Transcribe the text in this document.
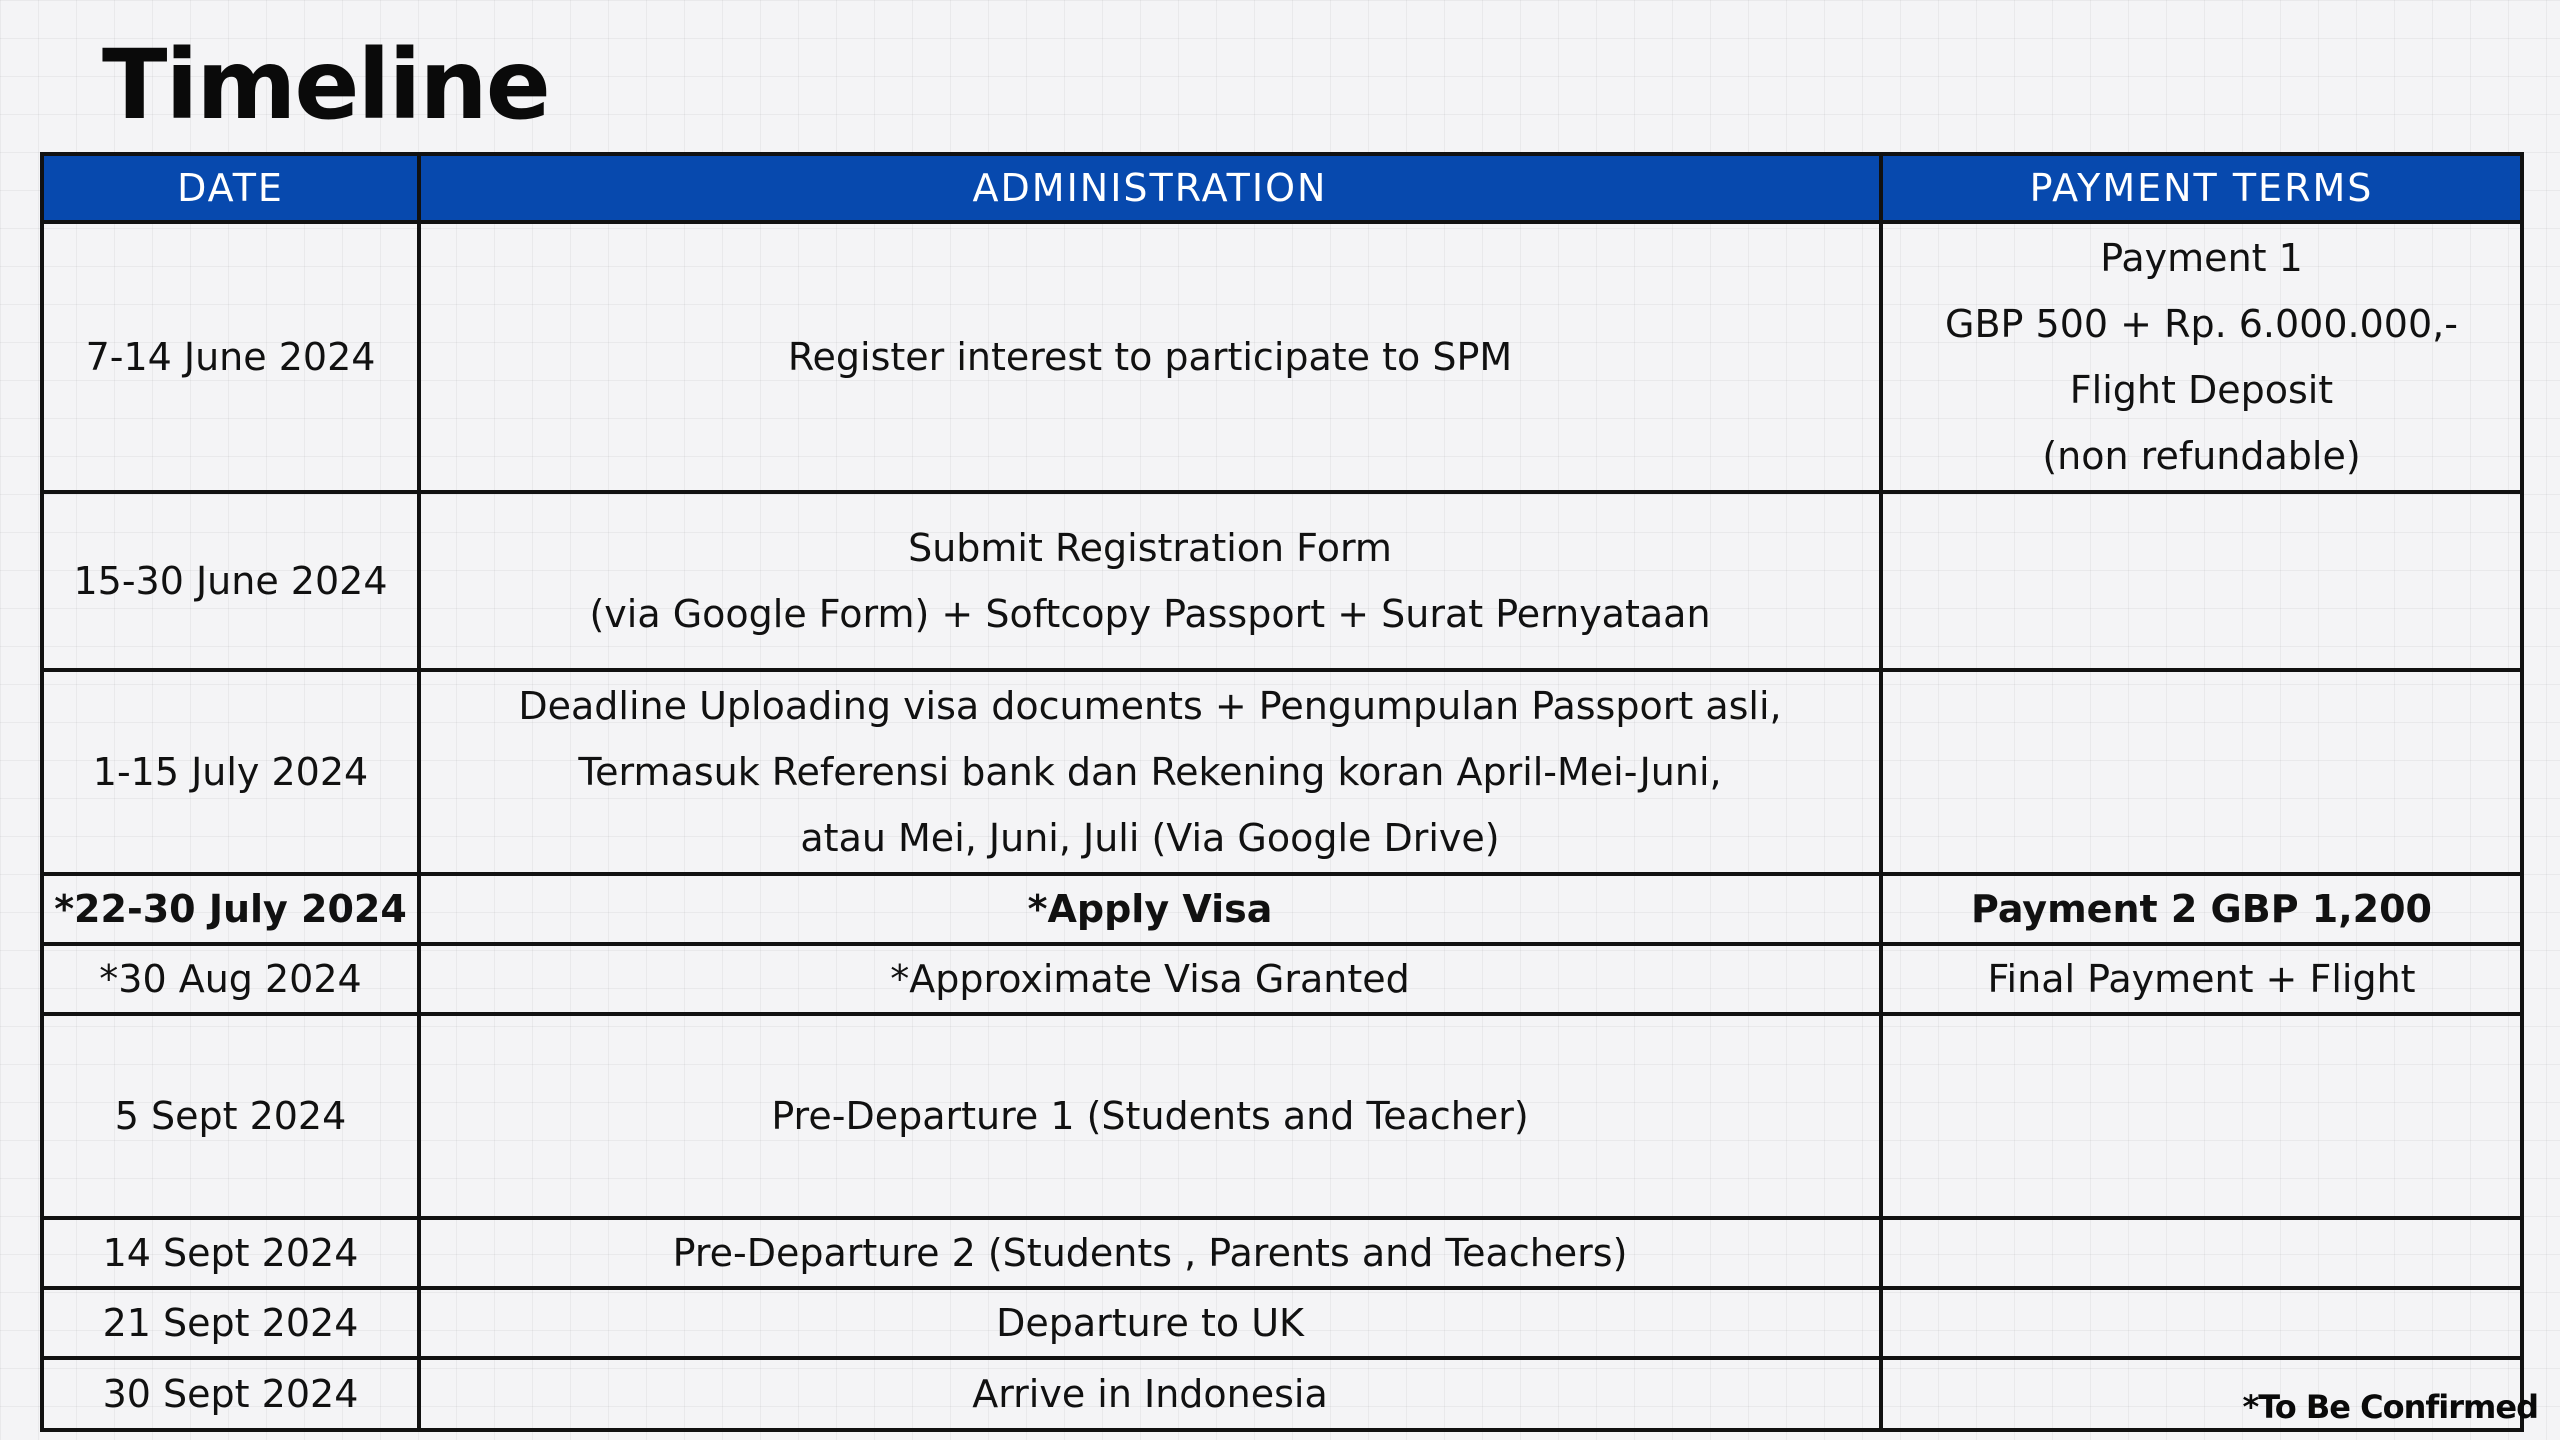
Timeline
DATE	ADMINISTRATION	PAYMENT TERMS
7-14 June 2024	Register interest to participate to SPM	Payment 1
GBP 500 + Rp. 6.000.000,-
Flight Deposit
(non refundable)

15-30 June 2024	Submit Registration Form
(via Google Form) + Softcopy Passport + Surat Pernyataan	

1-15 July 2024	Deadline Uploading visa documents + Pengumpulan Passport asli,
Termasuk Referensi bank dan Rekening koran April-Mei-Juni,
atau Mei, Juni, Juli (Via Google Drive)	

*22-30 July 2024	*Apply Visa	Payment 2 GBP 1,200

*30 Aug 2024	*Approximate Visa Granted	Final Payment + Flight

5 Sept 2024	Pre-Departure 1 (Students and Teacher)	

14 Sept 2024	Pre-Departure 2 (Students , Parents and Teachers)	

21 Sept 2024	Departure to UK	

30 Sept 2024	Arrive in Indonesia	
		*To Be Confirmed
